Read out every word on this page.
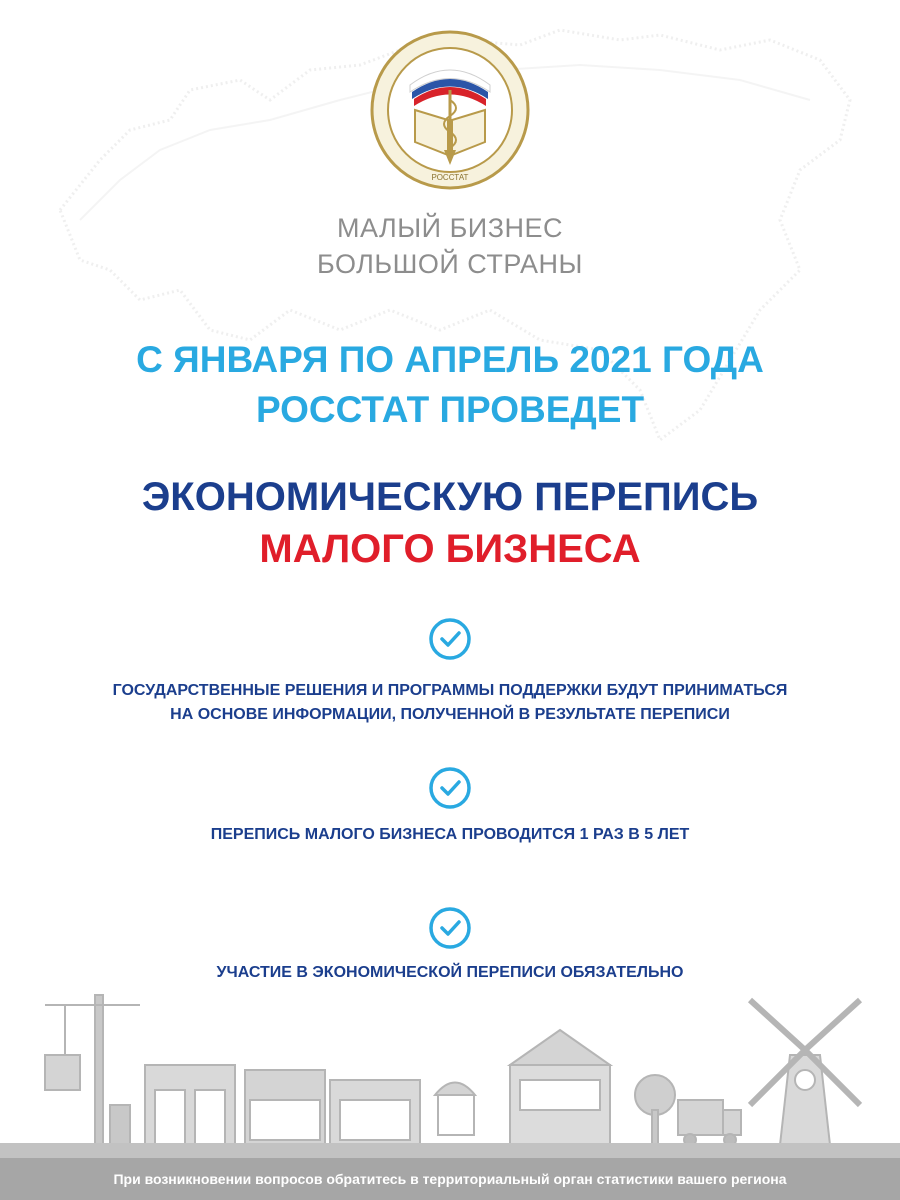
РОССТАТ
МАЛЫЙ БИЗНЕС
БОЛЬШОЙ СТРАНЫ
С ЯНВАРЯ ПО АПРЕЛЬ 2021 ГОДА
РОССТАТ ПРОВЕДЕТ
ЭКОНОМИЧЕСКУЮ ПЕРЕПИСЬ
МАЛОГО БИЗНЕСА
ГОСУДАРСТВЕННЫЕ РЕШЕНИЯ И ПРОГРАММЫ ПОДДЕРЖКИ БУДУТ ПРИНИМАТЬСЯ
НА ОСНОВЕ ИНФОРМАЦИИ, ПОЛУЧЕННОЙ В РЕЗУЛЬТАТЕ ПЕРЕПИСИ
ПЕРЕПИСЬ МАЛОГО БИЗНЕСА ПРОВОДИТСЯ 1 РАЗ В 5 ЛЕТ
УЧАСТИЕ В ЭКОНОМИЧЕСКОЙ ПЕРЕПИСИ ОБЯЗАТЕЛЬНО
При возникновении вопросов обратитесь в территориальный орган статистики вашего региона
